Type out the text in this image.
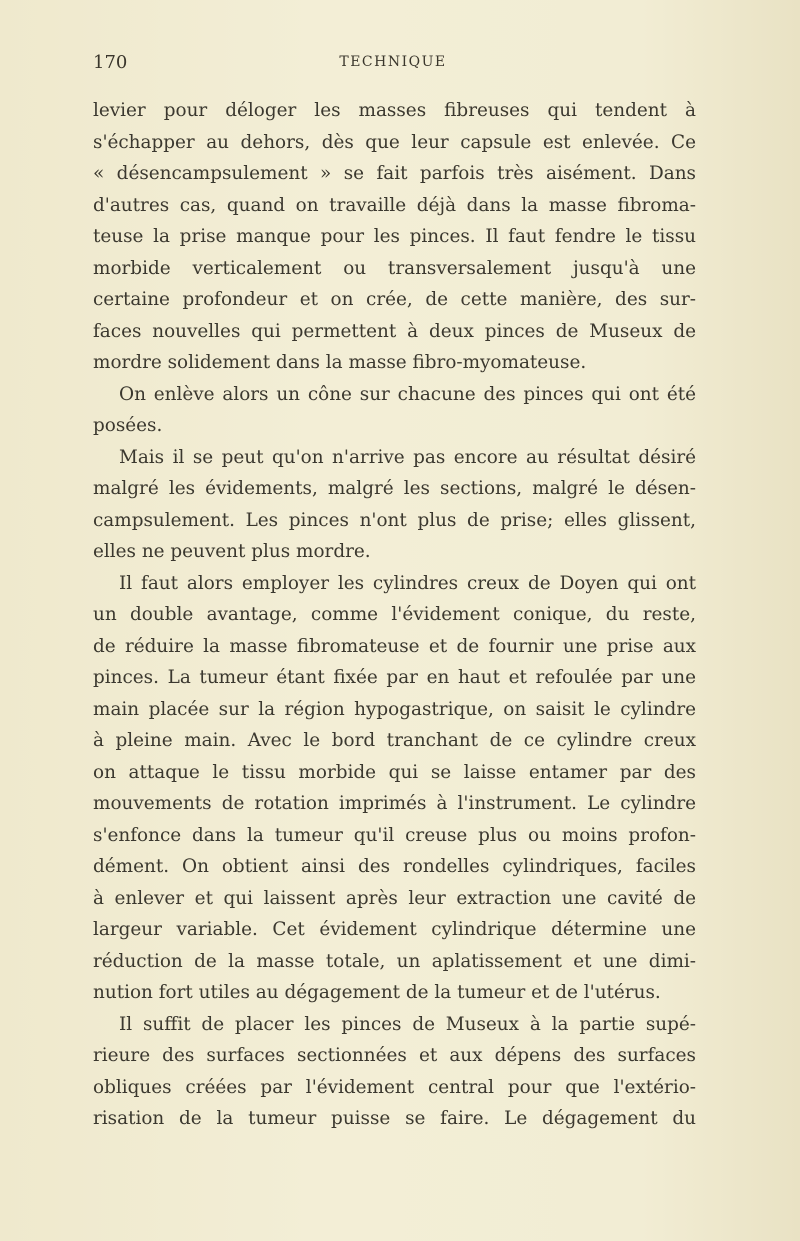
170	TECHNIQUE
levier pour déloger les masses fibreuses qui tendent à
s'échapper au dehors, dès que leur capsule est enlevée. Ce
« désencampsulement » se fait parfois très aisément. Dans
d'autres cas, quand on travaille déjà dans la masse fibroma-
teuse la prise manque pour les pinces. Il faut fendre le tissu
morbide verticalement ou transversalement jusqu'à une
certaine profondeur et on crée, de cette manière, des sur-
faces nouvelles qui permettent à deux pinces de Museux de
mordre solidement dans la masse fibro-myomateuse.
On enlève alors un cône sur chacune des pinces qui ont été
posées.
Mais il se peut qu'on n'arrive pas encore au résultat désiré
malgré les évidements, malgré les sections, malgré le désen-
campsulement. Les pinces n'ont plus de prise; elles glissent,
elles ne peuvent plus mordre.
Il faut alors employer les cylindres creux de Doyen qui ont
un double avantage, comme l'évidement conique, du reste,
de réduire la masse fibromateuse et de fournir une prise aux
pinces. La tumeur étant fixée par en haut et refoulée par une
main placée sur la région hypogastrique, on saisit le cylindre
à pleine main. Avec le bord tranchant de ce cylindre creux
on attaque le tissu morbide qui se laisse entamer par des
mouvements de rotation imprimés à l'instrument. Le cylindre
s'enfonce dans la tumeur qu'il creuse plus ou moins profon-
dément. On obtient ainsi des rondelles cylindriques, faciles
à enlever et qui laissent après leur extraction une cavité de
largeur variable. Cet évidement cylindrique détermine une
réduction de la masse totale, un aplatissement et une dimi-
nution fort utiles au dégagement de la tumeur et de l'utérus.
Il suffit de placer les pinces de Museux à la partie supé-
rieure des surfaces sectionnées et aux dépens des surfaces
obliques créées par l'évidement central pour que l'extério-
risation de la tumeur puisse se faire. Le dégagement du
